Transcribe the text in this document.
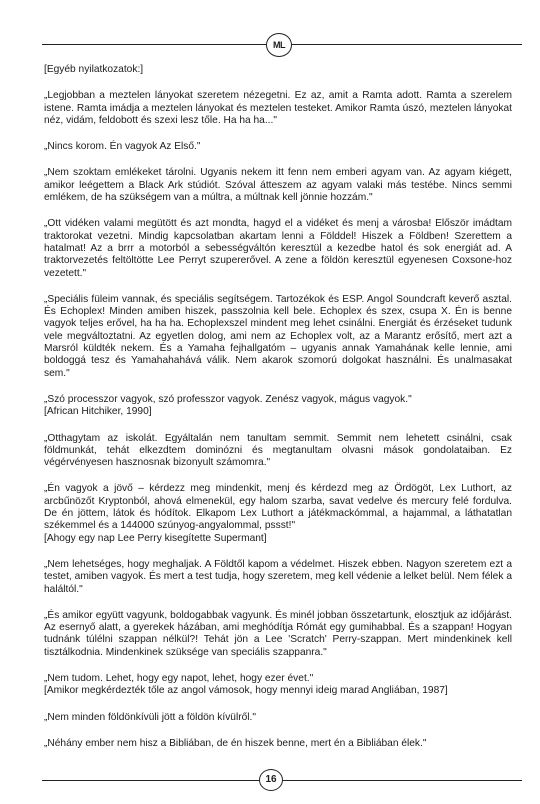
ML

[Egyéb nyilatkozatok:]

„Legjobban a meztelen lányokat szeretem nézegetni. Ez az, amit a Ramta adott. Ramta a szerelem istene. Ramta imádja a meztelen lányokat és meztelen testeket. Amikor Ramta úszó, meztelen lányokat néz, vidám, feldobott és szexi lesz tőle. Ha ha ha..."

„Nincs korom. Én vagyok Az Első."

„Nem szoktam emlékeket tárolni. Ugyanis nekem itt fenn nem emberi agyam van. Az agyam kiégett, amikor leégettem a Black Ark stúdiót. Szóval átteszem az agyam valaki más testébe. Nincs semmi emlékem, de ha szükségem van a múltra, a múltnak kell jönnie hozzám."

„Ott vidéken valami megütött és azt mondta, hagyd el a vidéket és menj a városba! Először imádtam traktorokat vezetni. Mindig kapcsolatban akartam lenni a Földdel! Hiszek a Földben! Szerettem a hatalmat! Az a brrr a motorból a sebességváltón keresztül a kezedbe hatol és sok energiát ad. A traktorvezetés feltöltötte Lee Perryt szupererővel. A zene a földön keresztül egyenesen Coxsone-hoz vezetett."

„Speciális füleim vannak, és speciális segítségem. Tartozékok és ESP. Angol Soundcraft keverő asztal. És Echoplex! Minden amiben hiszek, passzolnia kell bele. Echoplex és szex, csupa X. Én is benne vagyok teljes erővel, ha ha ha. Echoplexszel mindent meg lehet csinálni. Energiát és érzéseket tudunk vele megváltoztatni. Az egyetlen dolog, ami nem az Echoplex volt, az a Marantz erősítő, mert azt a Marsról küldték nekem. És a Yamaha fejhallgatóm – ugyanis annak Yamahának kelle lennie, ami boldoggá tesz és Yamahahahává válik. Nem akarok szomorú dolgokat használni. És unalmasakat sem."

„Szó processzor vagyok, szó professzor vagyok. Zenész vagyok, mágus vagyok."

[African Hitchiker, 1990]

„Otthagytam az iskolát. Egyáltalán nem tanultam semmit. Semmit nem lehetett csinálni, csak földmunkát, tehát elkezdtem dominózni és megtanultam olvasni mások gondolataiban. Ez végérvényesen hasznosnak bizonyult számomra."

„Én vagyok a jövő – kérdezz meg mindenkit, menj és kérdezd meg az Ördögöt, Lex Luthort, az arcbűnözőt Kryptonból, ahová elmenekül, egy halom szarba, savat vedelve és mercury felé fordulva. De én jöttem, látok és hódítok. Elkapom Lex Luthort a játékmackómmal, a hajammal, a láthatatlan székemmel és a 144000 szúnyog-angyalommal, pssst!"

[Ahogy egy nap Lee Perry kisegítette Supermant]

„Nem lehetséges, hogy meghaljak. A Földtől kapom a védelmet. Hiszek ebben. Nagyon szeretem ezt a testet, amiben vagyok. És mert a test tudja, hogy szeretem, meg kell védenie a lelket belül. Nem félek a haláltól."

„És amikor együtt vagyunk, boldogabbak vagyunk. És minél jobban összetartunk, elosztjuk az időjárást. Az esernyő alatt, a gyerekek házában, ami meghódítja Rómát egy gumihabbal. És a szappan! Hogyan tudnánk túlélni szappan nélkül?! Tehát jön a Lee 'Scratch' Perry-szappan. Mert mindenkinek kell tisztálkodnia. Mindenkinek szüksége van speciális szappanra."

„Nem tudom. Lehet, hogy egy napot, lehet, hogy ezer évet."

[Amikor megkérdezték tőle az angol vámosok, hogy mennyi ideig marad Angliában, 1987]

„Nem minden földönkívüli jött a földön kívülről."

„Néhány ember nem hisz a Bibliában, de én hiszek benne, mert én a Bibliában élek."

16
